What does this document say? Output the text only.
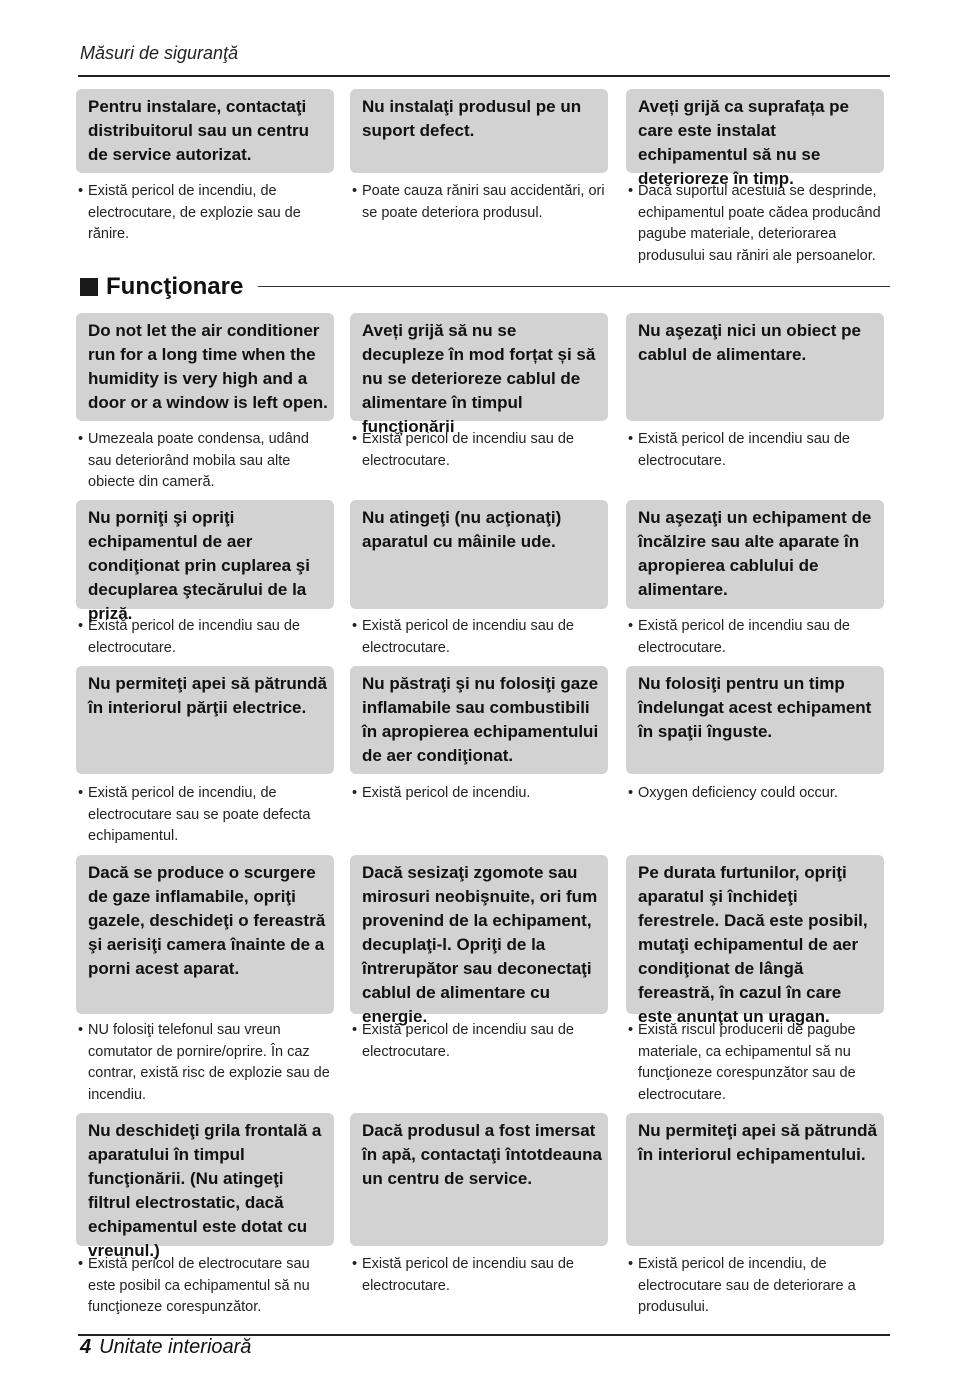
Măsuri de siguranţă
Funcţionare
Pentru instalare, contactaţi distribuitorul sau un centru de service autorizat.
Nu instalaţi produsul pe un suport defect.
Aveți grijă ca suprafața pe care este instalat echipamentul să nu se deterioreze în timp.
• Există pericol de incendiu, de electrocutare, de explozie sau de rănire.
• Poate cauza răniri sau accidentări, ori se poate deteriora produsul.
• Dacă suportul acestuia se desprinde, echipamentul poate cădea producând pagube materiale, deteriorarea produsului sau răniri ale persoanelor.
Do not let the air conditioner run for a long time when the humidity is very high and a door or a window is left open.
Aveți grijă să nu se decupleze în mod forțat și să nu se deterioreze cablul de alimentare în timpul funcționării
Nu aşezaţi nici un obiect pe cablul de alimentare.
• Umezeala poate condensa, udând sau deteriorând mobila sau alte obiecte din cameră.
• Există pericol de incendiu sau de electrocutare.
• Există pericol de incendiu sau de electrocutare.
Nu porniţi şi opriţi echipamentul de aer condiţionat prin cuplarea şi decuplarea ştecărului de la priză.
Nu atingeţi (nu acţionaţi) aparatul cu mâinile ude.
Nu aşezaţi un echipament de încălzire sau alte aparate în apropierea cablului de alimentare.
• Există pericol de incendiu sau de electrocutare.
• Există pericol de incendiu sau de electrocutare.
• Există pericol de incendiu sau de electrocutare.
Nu permiteţi apei să pătrundă în interiorul părţii electrice.
Nu păstraţi şi nu folosiţi gaze inflamabile sau combustibili în apropierea echipamentului de aer condiţionat.
Nu folosiţi pentru un timp îndelungat acest echipament în spaţii înguste.
• Există pericol de incendiu, de electrocutare sau se poate defecta echipamentul.
• Există pericol de incendiu.
•	Oxygen deficiency could occur.
Dacă se produce o scurgere de gaze inflamabile, opriţi gazele, deschideţi o fereastră şi aerisiţi camera înainte de a porni acest aparat.
Dacă sesizaţi zgomote sau mirosuri neobişnuite, ori fum provenind de la echipament, decuplaţi-l. Opriţi de la întrerupător sau deconectaţi cablul de alimentare cu energie.
Pe durata furtunilor, opriţi aparatul şi închideţi ferestrele. Dacă este posibil, mutaţi echipamentul de aer condiţionat de lângă fereastră, în cazul în care este anunţat un uragan.
• NU folosiţi telefonul sau vreun comutator de pornire/oprire. În caz contrar, există risc de explozie sau de incendiu.
• Există pericol de incendiu sau de electrocutare.
• Există riscul producerii de pagube materiale, ca echipamentul să nu funcţioneze corespunzător sau de electrocutare.
Nu deschideţi grila frontală a aparatului în timpul funcţionării. (Nu atingeţi filtrul electrostatic, dacă echipamentul este dotat cu vreunul.)
Dacă produsul a fost imersat în apă, contactaţi întotdeauna un centru de service.
Nu permiteţi apei să pătrundă în interiorul echipamentului.
• Există pericol de electrocutare sau este posibil ca echipamentul să nu funcţioneze corespunzător.
• Există pericol de incendiu sau de electrocutare.
• Există pericol de incendiu, de electrocutare sau de deteriorare a produsului.
4 Unitate interioară
